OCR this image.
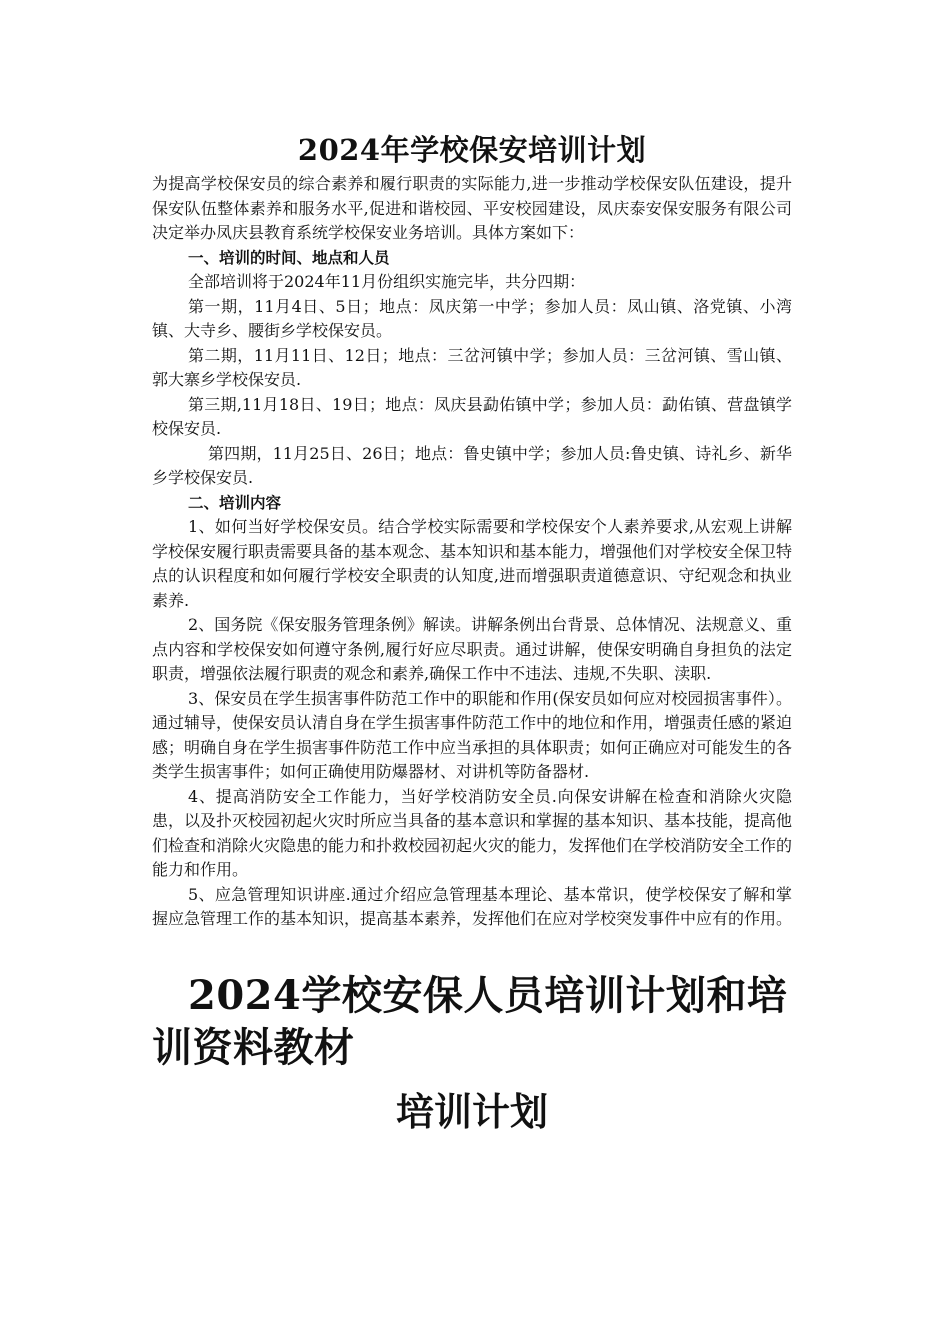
2024年学校保安培训计划

为提高学校保安员的综合素养和履行职责的实际能力,进一步推动学校保安队伍建设，提升保安队伍整体素养和服务水平,促进和谐校园、平安校园建设，凤庆泰安保安服务有限公司决定举办凤庆县教育系统学校保安业务培训。具体方案如下：

一、培训的时间、地点和人员

全部培训将于2024年11月份组织实施完毕，共分四期：

第一期，11月4日、5日；地点：凤庆第一中学；参加人员：凤山镇、洛党镇、小湾镇、大寺乡、腰街乡学校保安员。

第二期，11月11日、12日；地点：三岔河镇中学；参加人员：三岔河镇、雪山镇、郭大寨乡学校保安员.

第三期,11月18日、19日；地点：凤庆县勐佑镇中学；参加人员：勐佑镇、营盘镇学校保安员.

第四期，11月25日、26日；地点：鲁史镇中学；参加人员:鲁史镇、诗礼乡、新华乡学校保安员.

二、培训内容

1、如何当好学校保安员。结合学校实际需要和学校保安个人素养要求,从宏观上讲解学校保安履行职责需要具备的基本观念、基本知识和基本能力，增强他们对学校安全保卫特点的认识程度和如何履行学校安全职责的认知度,进而增强职责道德意识、守纪观念和执业素养.

2、国务院《保安服务管理条例》解读。讲解条例出台背景、总体情况、法规意义、重点内容和学校保安如何遵守条例,履行好应尽职责。通过讲解，使保安明确自身担负的法定职责，增强依法履行职责的观念和素养,确保工作中不违法、违规,不失职、渎职.

3、保安员在学生损害事件防范工作中的职能和作用(保安员如何应对校园损害事件）。通过辅导，使保安员认清自身在学生损害事件防范工作中的地位和作用，增强责任感的紧迫感；明确自身在学生损害事件防范工作中应当承担的具体职责；如何正确应对可能发生的各类学生损害事件；如何正确使用防爆器材、对讲机等防备器材.

4、提高消防安全工作能力，当好学校消防安全员.向保安讲解在检查和消除火灾隐患，以及扑灭校园初起火灾时所应当具备的基本意识和掌握的基本知识、基本技能，提高他们检查和消除火灾隐患的能力和扑救校园初起火灾的能力，发挥他们在学校消防安全工作的能力和作用。

5、应急管理知识讲座.通过介绍应急管理基本理论、基本常识，使学校保安了解和掌握应急管理工作的基本知识，提高基本素养，发挥他们在应对学校突发事件中应有的作用。

2024学校安保人员培训计划和培训资料教材
培训计划
